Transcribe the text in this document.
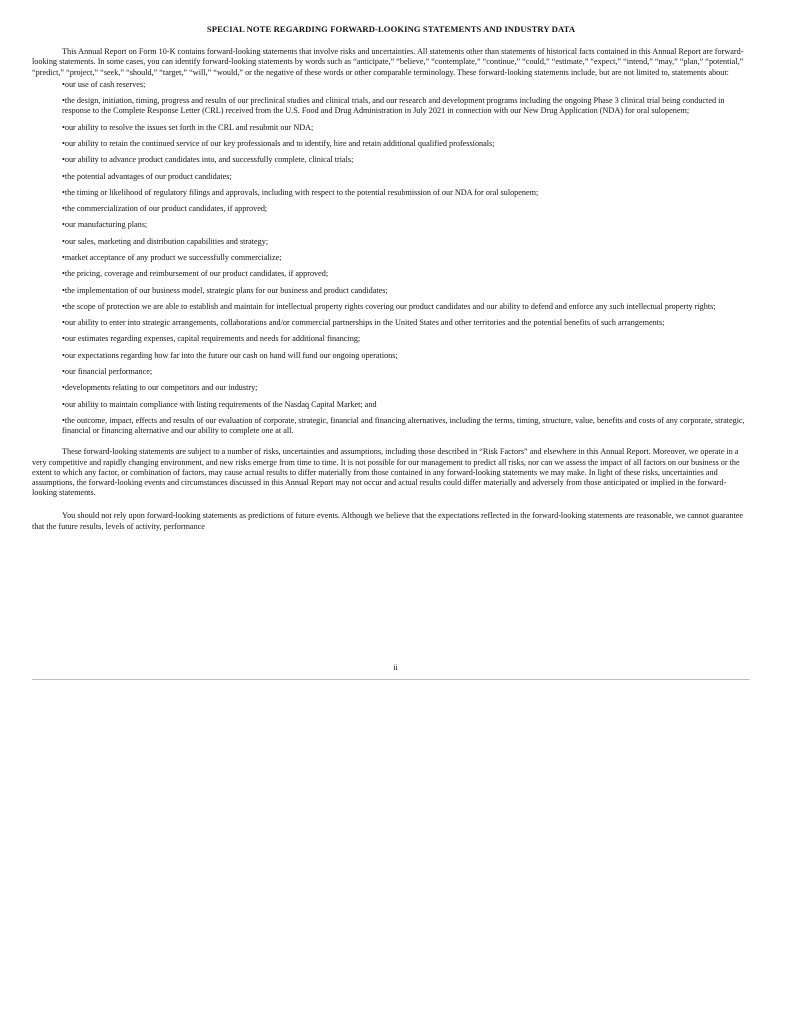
SPECIAL NOTE REGARDING FORWARD-LOOKING STATEMENTS AND INDUSTRY DATA

This Annual Report on Form 10-K contains forward-looking statements that involve risks and uncertainties. All statements other than statements of historical facts contained in this Annual Report are forward-looking statements. In some cases, you can identify forward-looking statements by words such as “anticipate,” “believe,” “contemplate,” “continue,” “could,” “estimate,” “expect,” “intend,” “may,” “plan,” “potential,” “predict,” “project,” “seek,” “should,” “target,” “will,” “would,” or the negative of these words or other comparable terminology. These forward-looking statements include, but are not limited to, statements about:

•our use of cash reserves;
•the design, initiation, timing, progress and results of our preclinical studies and clinical trials, and our research and development programs including the ongoing Phase 3 clinical trial being conducted in response to the Complete Response Letter (CRL) received from the U.S. Food and Drug Administration in July 2021 in connection with our New Drug Application (NDA) for oral sulopenem;
•our ability to resolve the issues set forth in the CRL and resubmit our NDA;
•our ability to retain the continued service of our key professionals and to identify, hire and retain additional qualified professionals;
•our ability to advance product candidates into, and successfully complete, clinical trials;
•the potential advantages of our product candidates;
•the timing or likelihood of regulatory filings and approvals, including with respect to the potential resubmission of our NDA for oral sulopenem;
•the commercialization of our product candidates, if approved;
•our manufacturing plans;
•our sales, marketing and distribution capabilities and strategy;
•market acceptance of any product we successfully commercialize;
•the pricing, coverage and reimbursement of our product candidates, if approved;
•the implementation of our business model, strategic plans for our business and product candidates;
•the scope of protection we are able to establish and maintain for intellectual property rights covering our product candidates and our ability to defend and enforce any such intellectual property rights;
•our ability to enter into strategic arrangements, collaborations and/or commercial partnerships in the United States and other territories and the potential benefits of such arrangements;
•our estimates regarding expenses, capital requirements and needs for additional financing;
•our expectations regarding how far into the future our cash on hand will fund our ongoing operations;
•our financial performance;
•developments relating to our competitors and our industry;
•our ability to maintain compliance with listing requirements of the Nasdaq Capital Market; and
•the outcome, impact, effects and results of our evaluation of corporate, strategic, financial and financing alternatives, including the terms, timing, structure, value, benefits and costs of any corporate, strategic, financial or financing alternative and our ability to complete one at all.

These forward-looking statements are subject to a number of risks, uncertainties and assumptions, including those described in “Risk Factors” and elsewhere in this Annual Report. Moreover, we operate in a very competitive and rapidly changing environment, and new risks emerge from time to time. It is not possible for our management to predict all risks, nor can we assess the impact of all factors on our business or the extent to which any factor, or combination of factors, may cause actual results to differ materially from those contained in any forward-looking statements we may make. In light of these risks, uncertainties and assumptions, the forward-looking events and circumstances discussed in this Annual Report may not occur and actual results could differ materially and adversely from those anticipated or implied in the forward-looking statements.

You should not rely upon forward-looking statements as predictions of future events. Although we believe that the expectations reflected in the forward-looking statements are reasonable, we cannot guarantee that the future results, levels of activity, performance

ii
